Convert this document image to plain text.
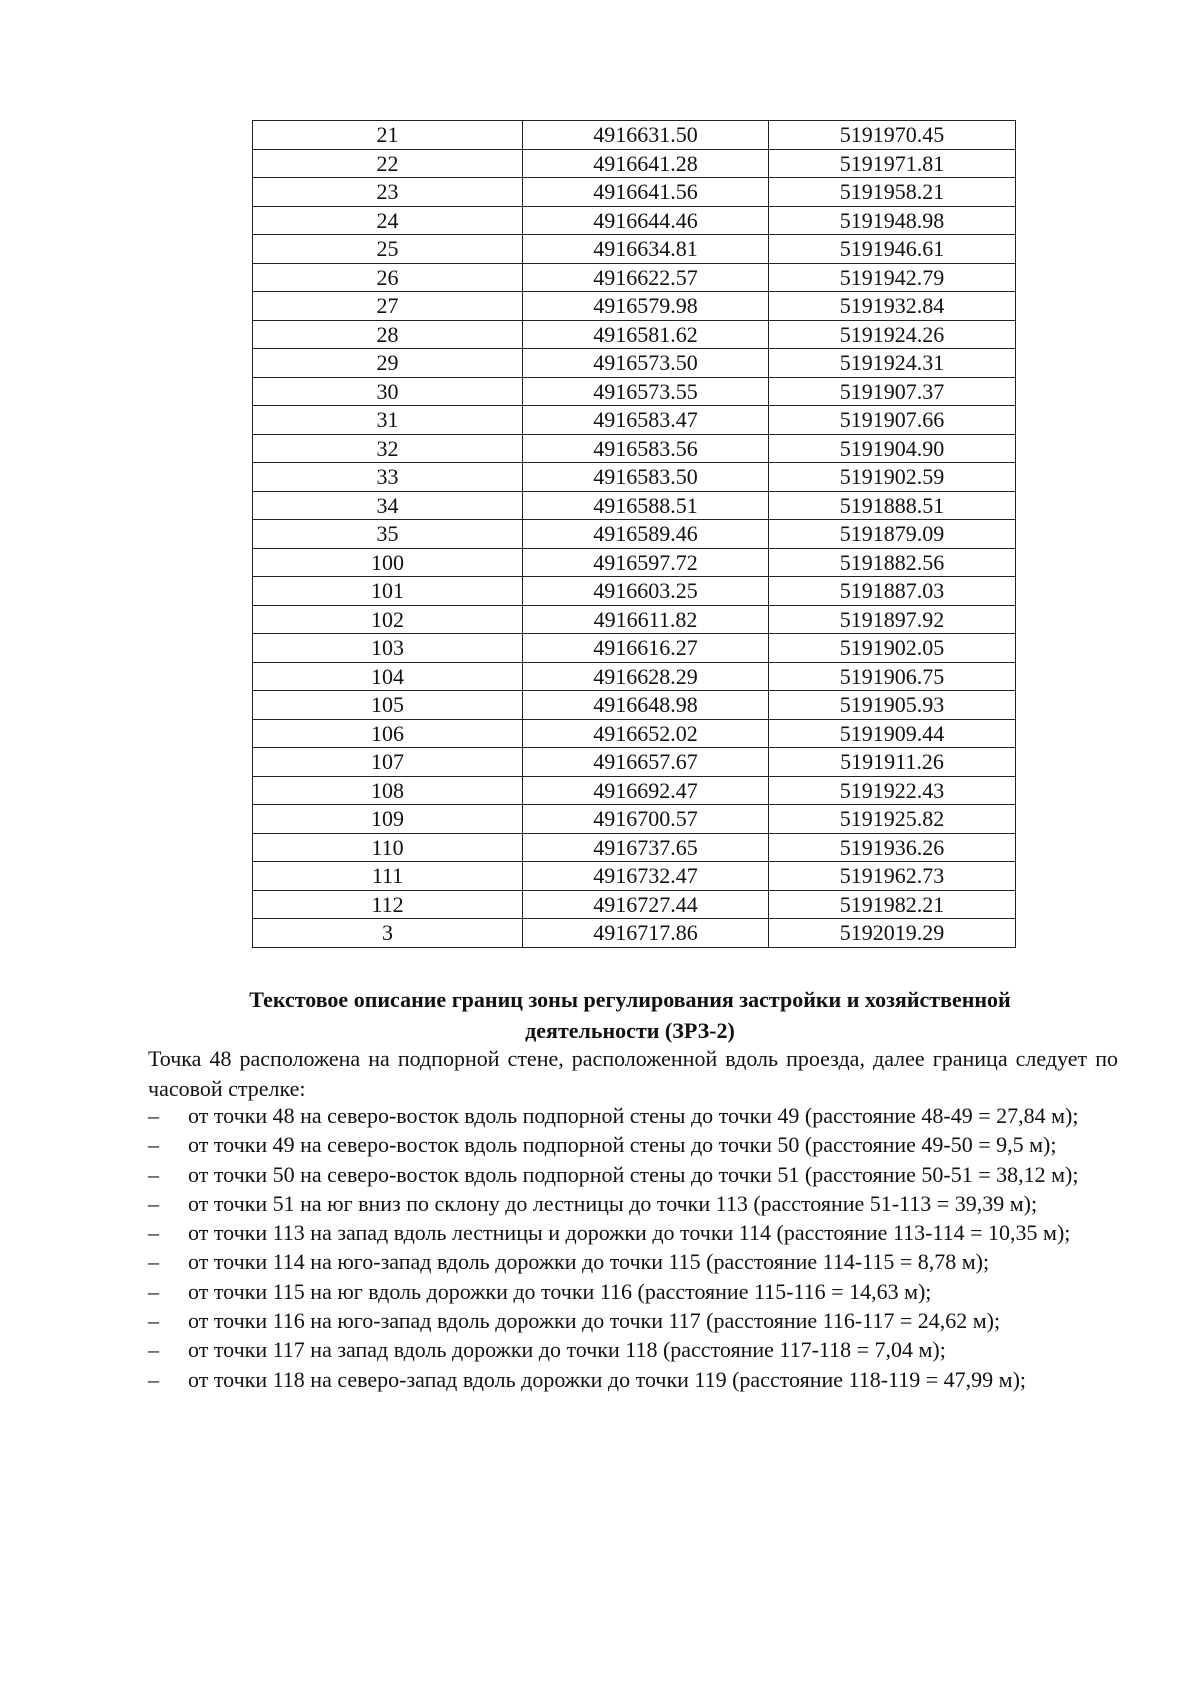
21	4916631.50	5191970.45
22	4916641.28	5191971.81
23	4916641.56	5191958.21
24	4916644.46	5191948.98
25	4916634.81	5191946.61
26	4916622.57	5191942.79
27	4916579.98	5191932.84
28	4916581.62	5191924.26
29	4916573.50	5191924.31
30	4916573.55	5191907.37
31	4916583.47	5191907.66
32	4916583.56	5191904.90
33	4916583.50	5191902.59
34	4916588.51	5191888.51
35	4916589.46	5191879.09
100	4916597.72	5191882.56
101	4916603.25	5191887.03
102	4916611.82	5191897.92
103	4916616.27	5191902.05
104	4916628.29	5191906.75
105	4916648.98	5191905.93
106	4916652.02	5191909.44
107	4916657.67	5191911.26
108	4916692.47	5191922.43
109	4916700.57	5191925.82
110	4916737.65	5191936.26
111	4916732.47	5191962.73
112	4916727.44	5191982.21
3	4916717.86	5192019.29
Текстовое описание границ зоны регулирования застройки и хозяйственной
деятельности (ЗРЗ-2)
Точка 48 расположена на подпорной стене, расположенной вдоль проезда, далее граница следует по часовой стрелке:
– от точки 48 на северо-восток вдоль подпорной стены до точки 49 (расстояние 48-49 = 27,84 м);
– от точки 49 на северо-восток вдоль подпорной стены до точки 50 (расстояние 49-50 = 9,5 м);
– от точки 50 на северо-восток вдоль подпорной стены до точки 51 (расстояние 50-51 = 38,12 м);
– от точки 51 на юг вниз по склону до лестницы до точки 113 (расстояние 51-113 = 39,39 м);
– от точки 113 на запад вдоль лестницы и дорожки до точки 114 (расстояние 113-114 = 10,35 м);
– от точки 114 на юго-запад вдоль дорожки до точки 115 (расстояние 114-115 = 8,78 м);
– от точки 115 на юг вдоль дорожки до точки 116 (расстояние 115-116 = 14,63 м);
– от точки 116 на юго-запад вдоль дорожки до точки 117 (расстояние 116-117 = 24,62 м);
– от точки 117 на запад вдоль дорожки до точки 118 (расстояние 117-118 = 7,04 м);
– от точки 118 на северо-запад вдоль дорожки до точки 119 (расстояние 118-119 = 47,99 м);
